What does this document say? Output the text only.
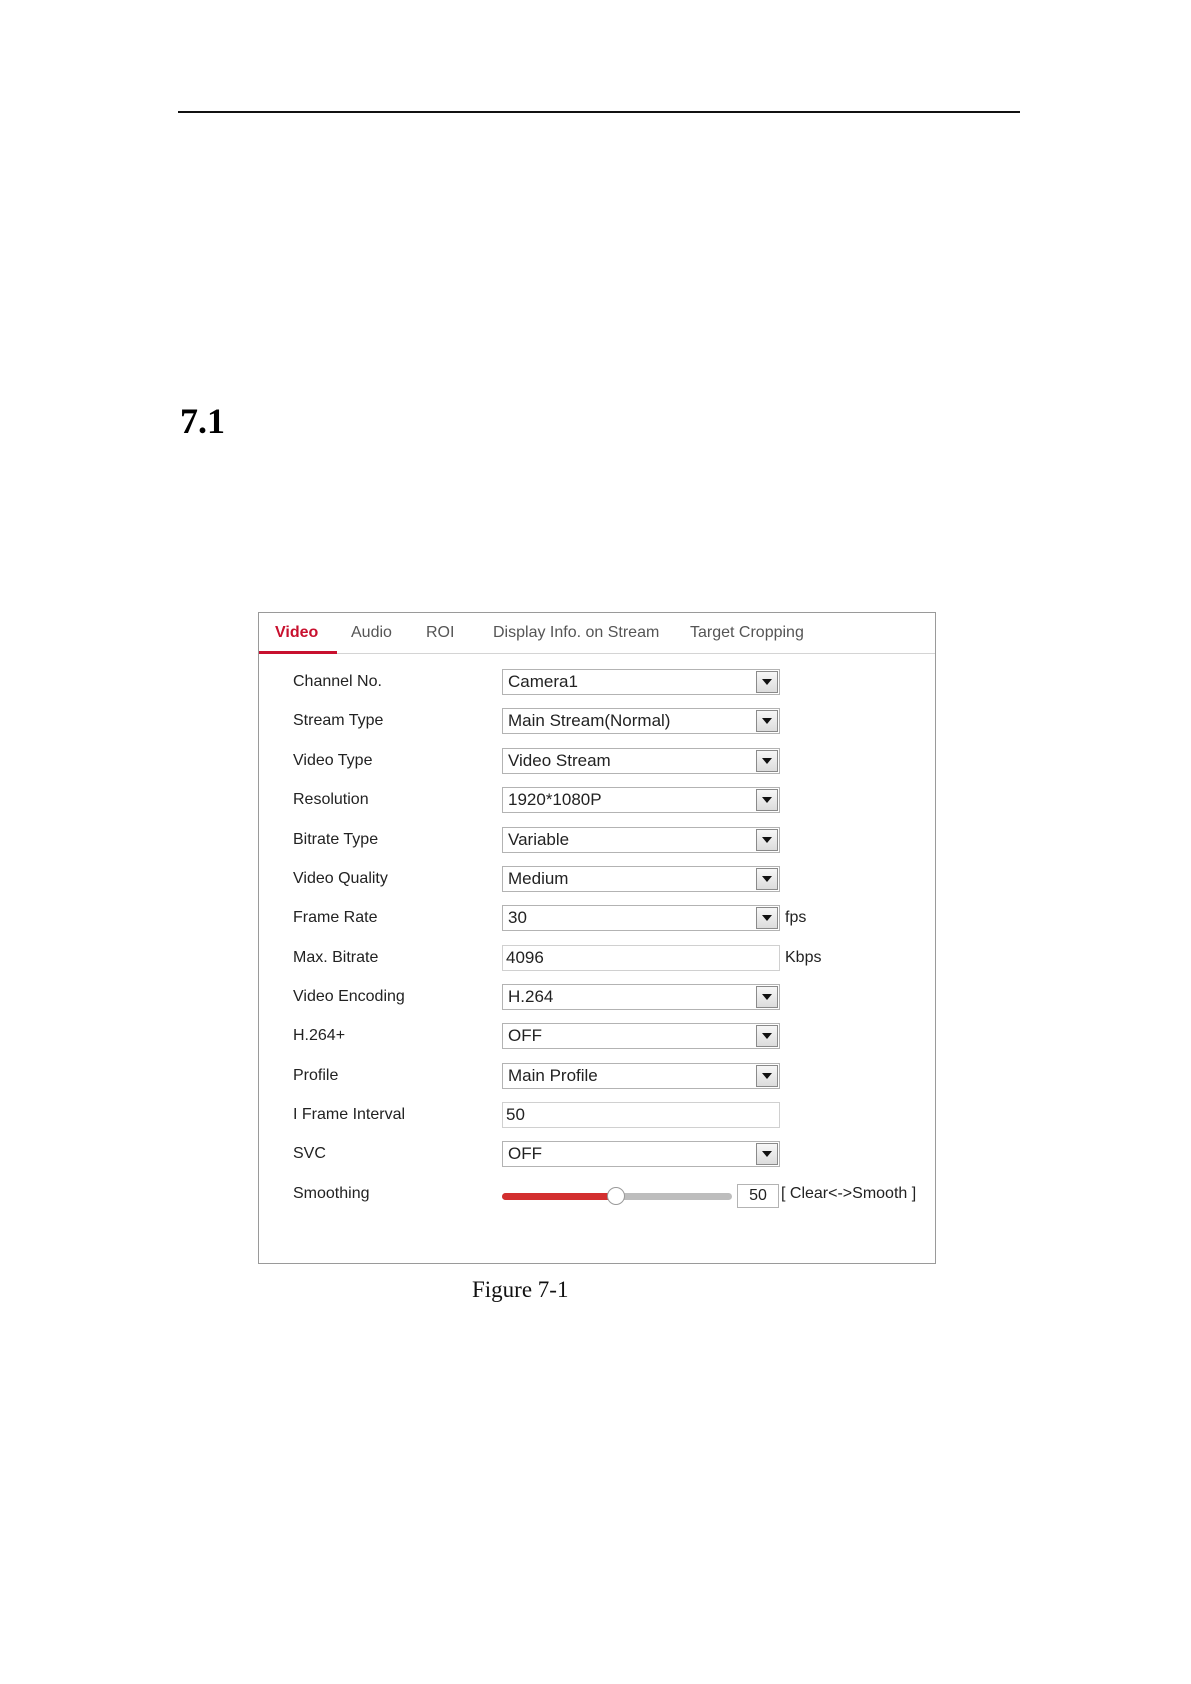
7.1
Video Audio ROI Display Info. on Stream Target Cropping
Channel No.	Camera1
Stream Type	Main Stream(Normal)
Video Type	Video Stream
Resolution	1920*1080P
Bitrate Type	Variable
Video Quality	Medium
Frame Rate	30	fps
Max. Bitrate	4096	Kbps
Video Encoding	H.264
H.264+	OFF
Profile	Main Profile
I Frame Interval	50
SVC	OFF
Smoothing	50 [ Clear<->Smooth ]
Figure 7-1
